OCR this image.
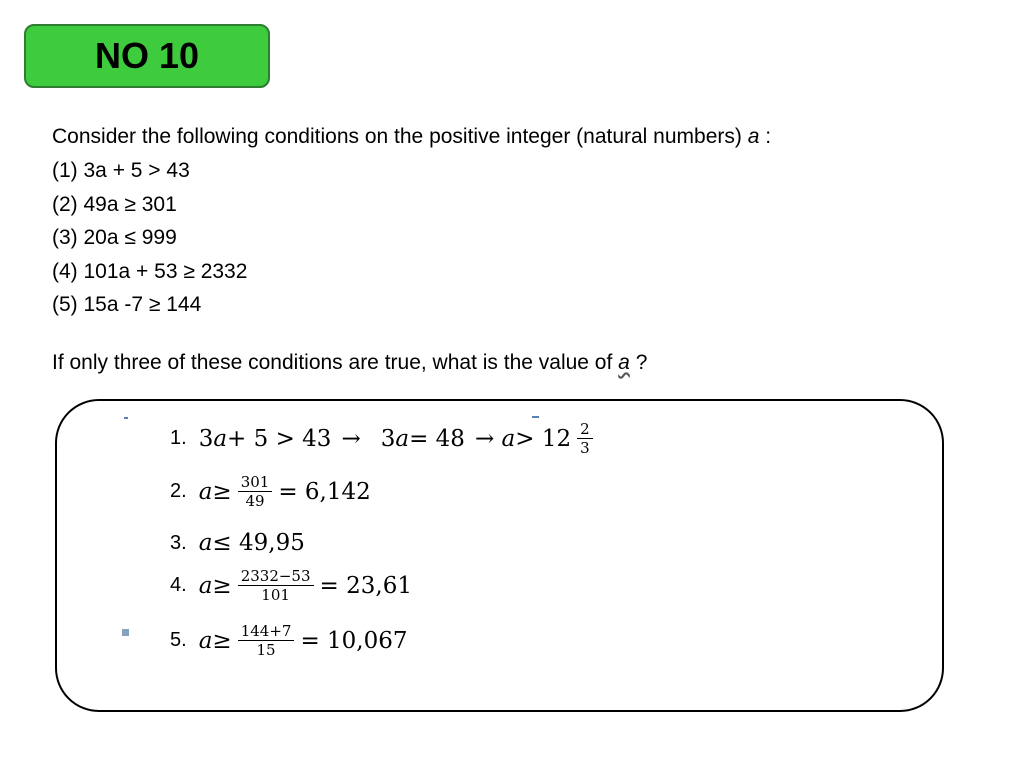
NO 10

Consider the following conditions on the positive integer (natural numbers) a :

(1) 3a + 5 > 43
(2) 49a ≥ 301
(3) 20a ≤ 999
(4) 101a + 53 ≥ 2332
(5) 15a -7 ≥ 144

If only three of these conditions are true, what is the value of a ?

1. 3 a + 5 > 43 → 3 a = 48 →
$a > 12 \frac{2}{3}$
2. $a \ge \frac{301}{49} = 6,142$
3. a ≤ 49,95
4. $a \ge \frac{2332-53}{101} = 23,61$
5. $a \ge \frac{144+7}{15} = 10,067$
